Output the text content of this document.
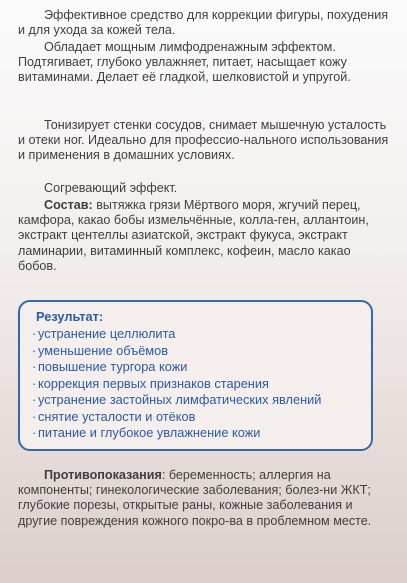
Эффективное средство для коррекции фигуры, похудения и для ухода за кожей тела.

Обладает мощным лимфодренажным эффектом. Подтягивает, глубоко увлажняет, питает, насыщает кожу витаминами. Делает её гладкой, шелковистой и упругой.

Тонизирует стенки сосудов, снимает мышечную усталость и отеки ног. Идеально для профессио-нального использования и применения в домашних условиях.

Согревающий эффект.

Состав: вытяжка грязи Мёртвого моря, жгучий перец, камфора, какао бобы измельчённые, колла-ген, аллантоин, экстракт центеллы азиатской, экстракт фукуса, экстракт ламинарии, витаминный комплекс, кофеин, масло какао бобов.

Результат:
· устранение целлюлита
· уменьшение объёмов
· повышение тургора кожи
· коррекция первых признаков старения
· устранение застойных лимфатических явлений
· снятие усталости и отёков
· питание и глубокое увлажнение кожи

Противопоказания: беременность; аллергия на компоненты; гинекологические заболевания; болез-ни ЖКТ; глубокие порезы, открытые раны, кожные заболевания и другие повреждения кожного покро-ва в проблемном месте.
